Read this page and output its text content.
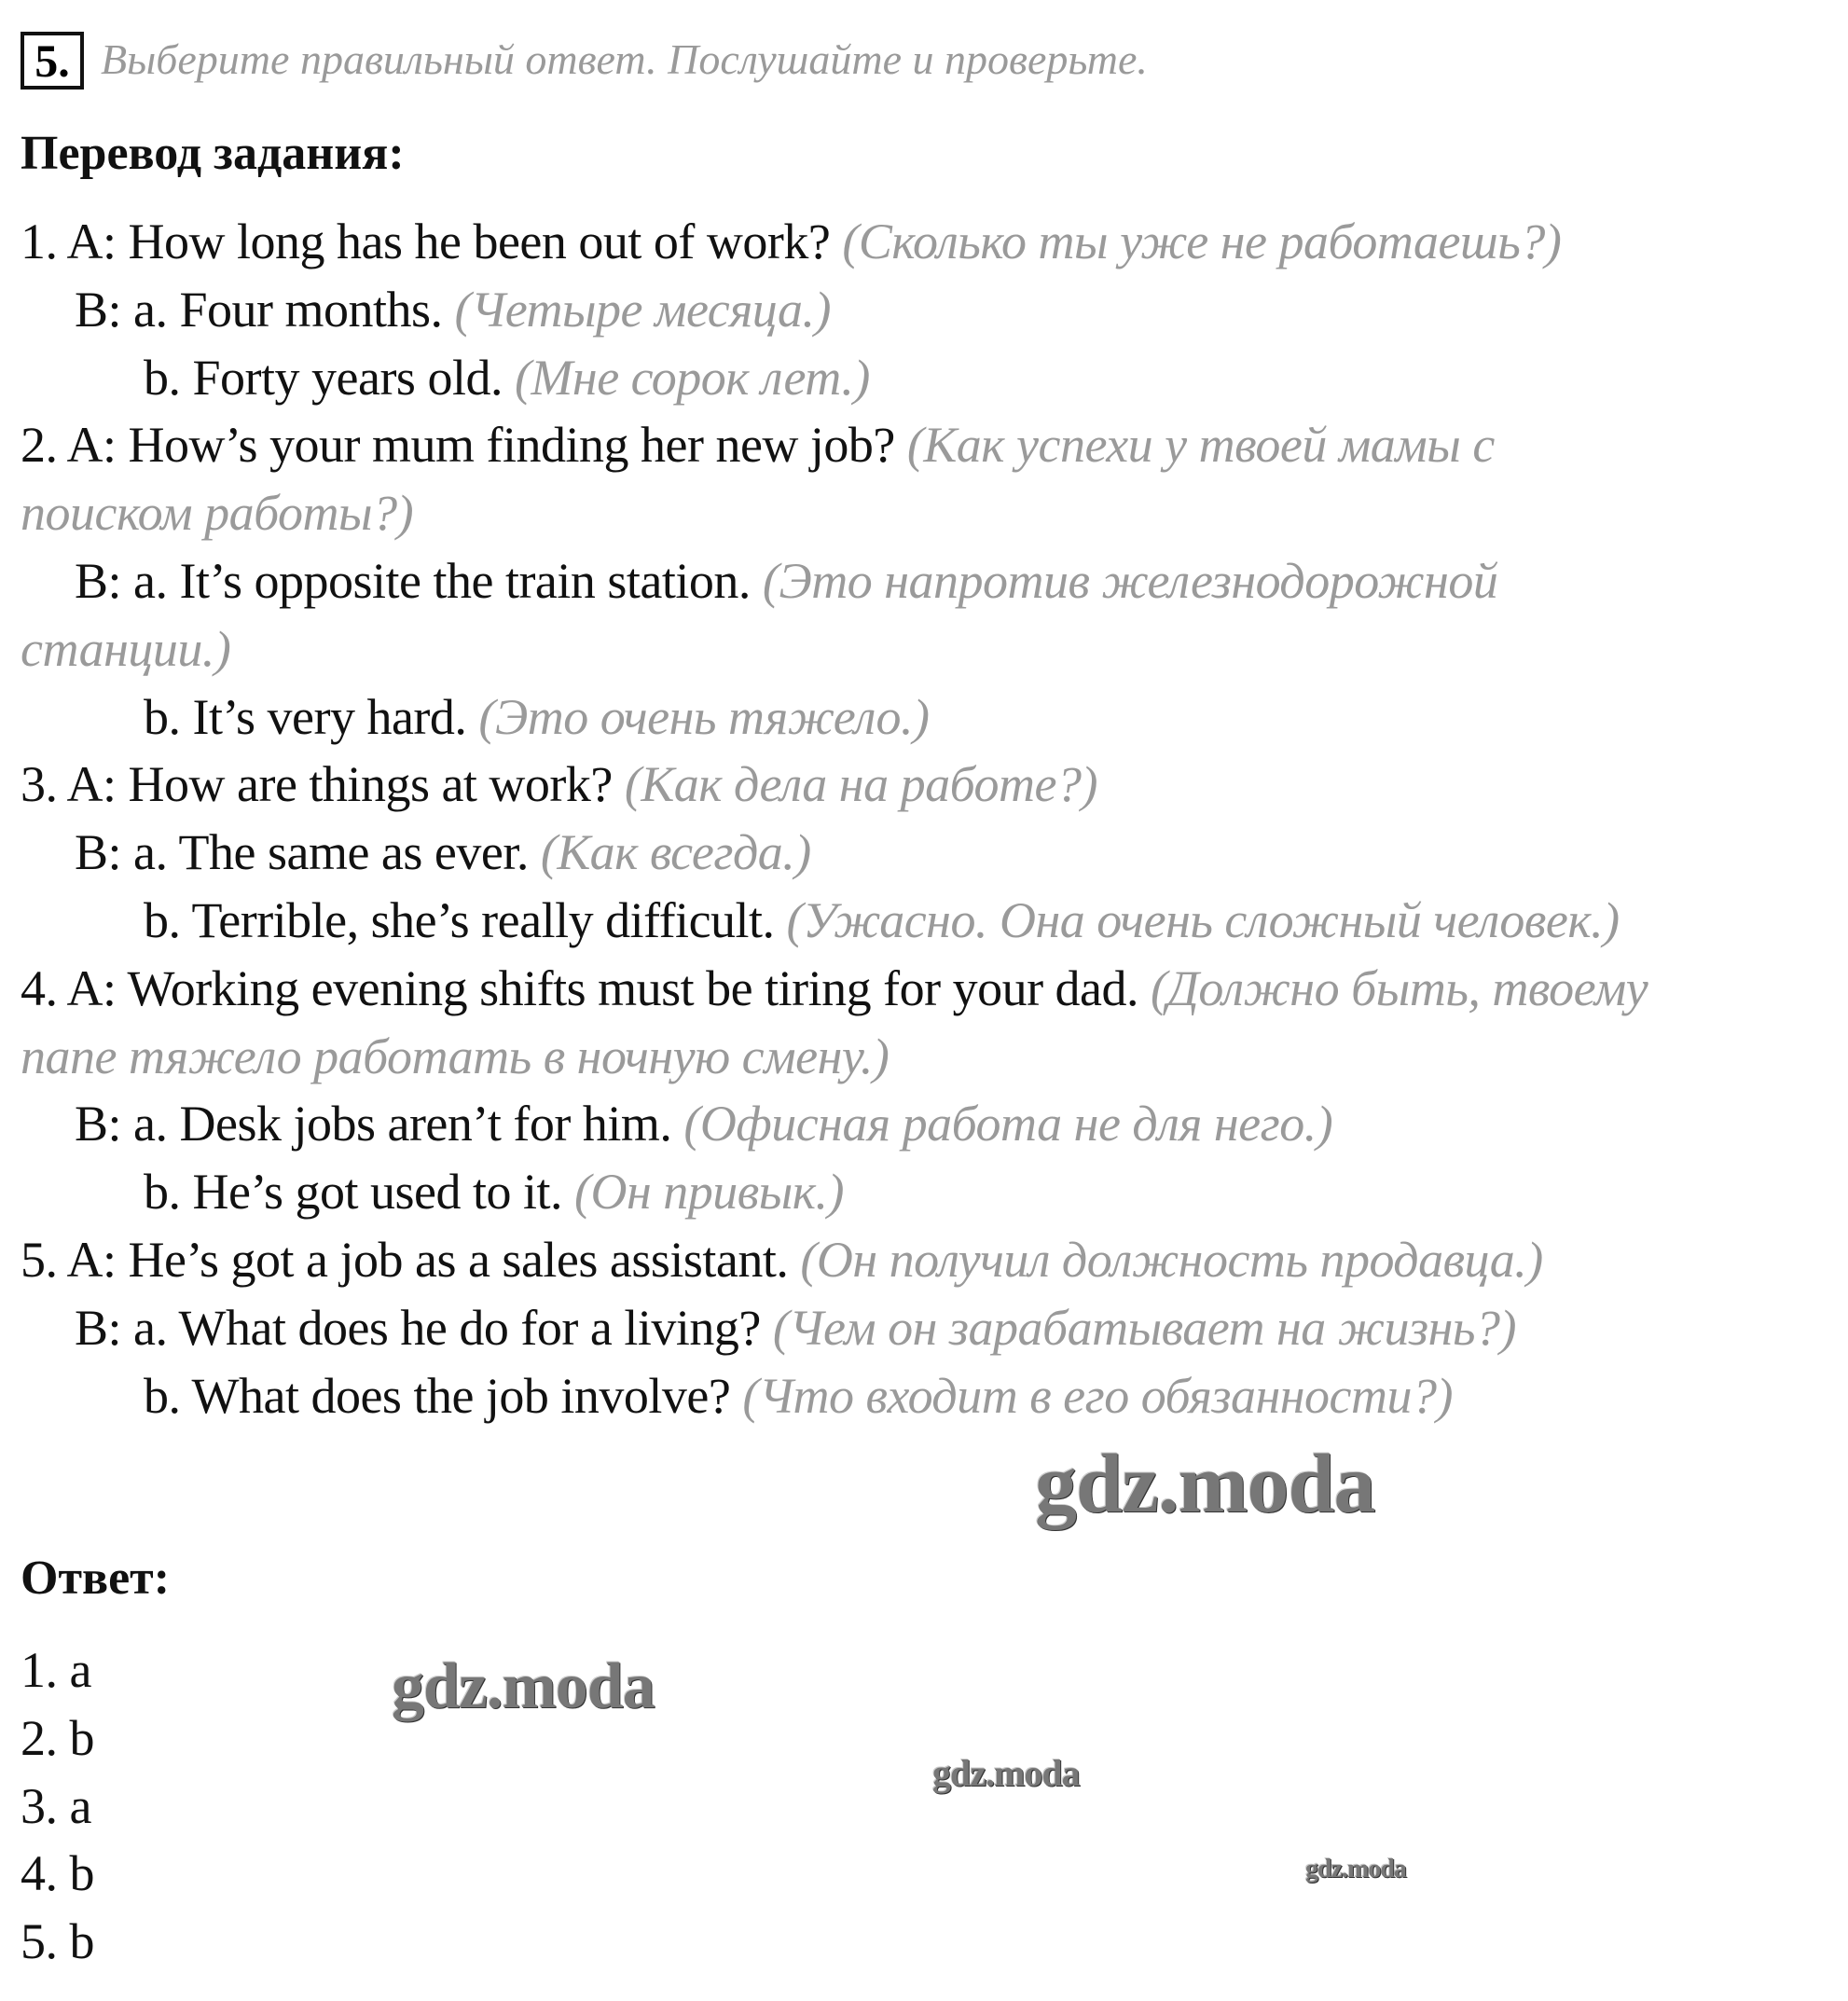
5. Выберите правильный ответ. Послушайте и проверьте.
Перевод задания:
1. A: How long has he been out of work? (Сколько ты уже не работаешь?)
B: a. Four months. (Четыре месяца.)
b. Forty years old. (Мне сорок лет.)
2. A: How’s your mum finding her new job? (Как успехи у твоей мамы с
поиском работы?)
B: a. It’s opposite the train station. (Это напротив железнодорожной
станции.)
b. It’s very hard. (Это очень тяжело.)
3. A: How are things at work? (Как дела на работе?)
B: a. The same as ever. (Как всегда.)
b. Terrible, she’s really difficult. (Ужасно. Она очень сложный человек.)
4. A: Working evening shifts must be tiring for your dad. (Должно быть, твоему
папе тяжело работать в ночную смену.)
B: a. Desk jobs aren’t for him. (Офисная работа не для него.)
b. He’s got used to it. (Он привык.)
5. A: He’s got a job as a sales assistant. (Он получил должность продавца.)
B: a. What does he do for a living? (Чем он зарабатывает на жизнь?)
b. What does the job involve? (Что входит в его обязанности?)
Ответ:
1. a
2. b
3. a
4. b
5. b
gdz.moda
gdz.moda
gdz.moda
gdz.moda
